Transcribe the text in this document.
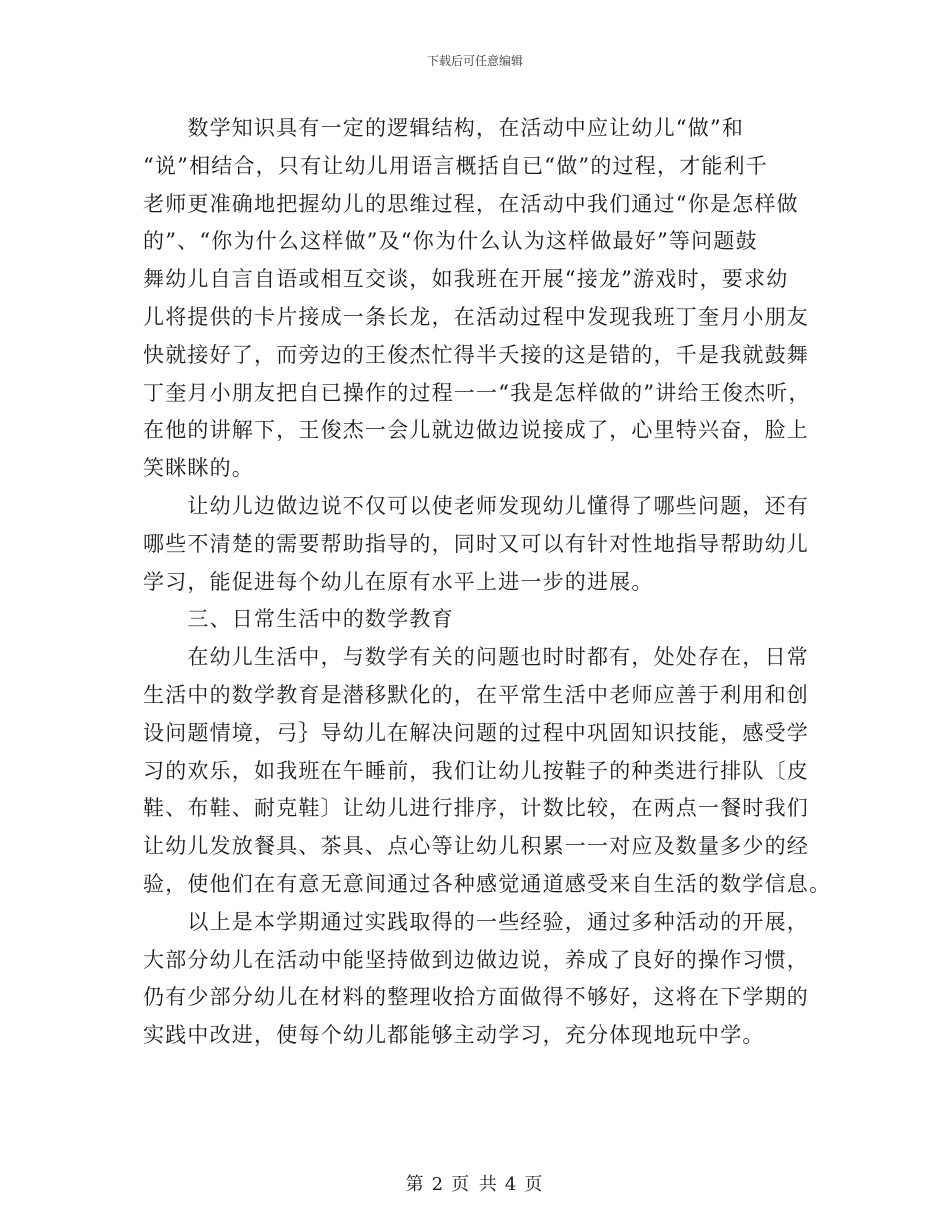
下载后可任意编辑
　　数学知识具有一定的逻辑结构，在活动中应让幼儿“做”和
“说”相结合，只有让幼儿用语言概括自已“做”的过程，才能利千
老师更准确地把握幼儿的思维过程，在活动中我们通过“你是怎样做
的”、“你为什么这样做”及“你为什么认为这样做最好”等问题鼓
舞幼儿自言自语或相互交谈，如我班在开展“接龙”游戏时，要求幼
儿将提供的卡片接成一条长龙，在活动过程中发现我班丁奎月小朋友
快就接好了，而旁边的王俊杰忙得半夭接的这是错的，千是我就鼓舞
丁奎月小朋友把自已操作的过程一一“我是怎样做的”讲给王俊杰听，
在他的讲解下，王俊杰一会儿就边做边说接成了，心里特兴奋，脸上
笑眯眯的。
　　让幼儿边做边说不仅可以使老师发现幼儿懂得了哪些问题，还有
哪些不清楚的需要帮助指导的，同时又可以有针对性地指导帮助幼儿
学习，能促进每个幼儿在原有水平上进一步的进展。
　　三、日常生活中的数学教育
　　在幼儿生活中，与数学有关的问题也时时都有，处处存在，日常
生活中的数学教育是潜移默化的，在平常生活中老师应善于利用和创
设问题情境，弓｝导幼儿在解决问题的过程中巩固知识技能，感受学
习的欢乐，如我班在午睡前，我们让幼儿按鞋子的种类进行排队〔皮
鞋、布鞋、耐克鞋〕让幼儿进行排序，计数比较，在两点一餐时我们
让幼儿发放餐具、茶具、点心等让幼儿积累一一对应及数量多少的经
验，使他们在有意无意间通过各种感觉通道感受来自生活的数学信息。
　　以上是本学期通过实践取得的一些经验，通过多种活动的开展，
大部分幼儿在活动中能坚持做到边做边说，养成了良好的操作习惯，
仍有少部分幼儿在材料的整理收拾方面做得不够好，这将在下学期的
实践中改进，使每个幼儿都能够主动学习，充分体现地玩中学。
第 2 页 共 4 页
